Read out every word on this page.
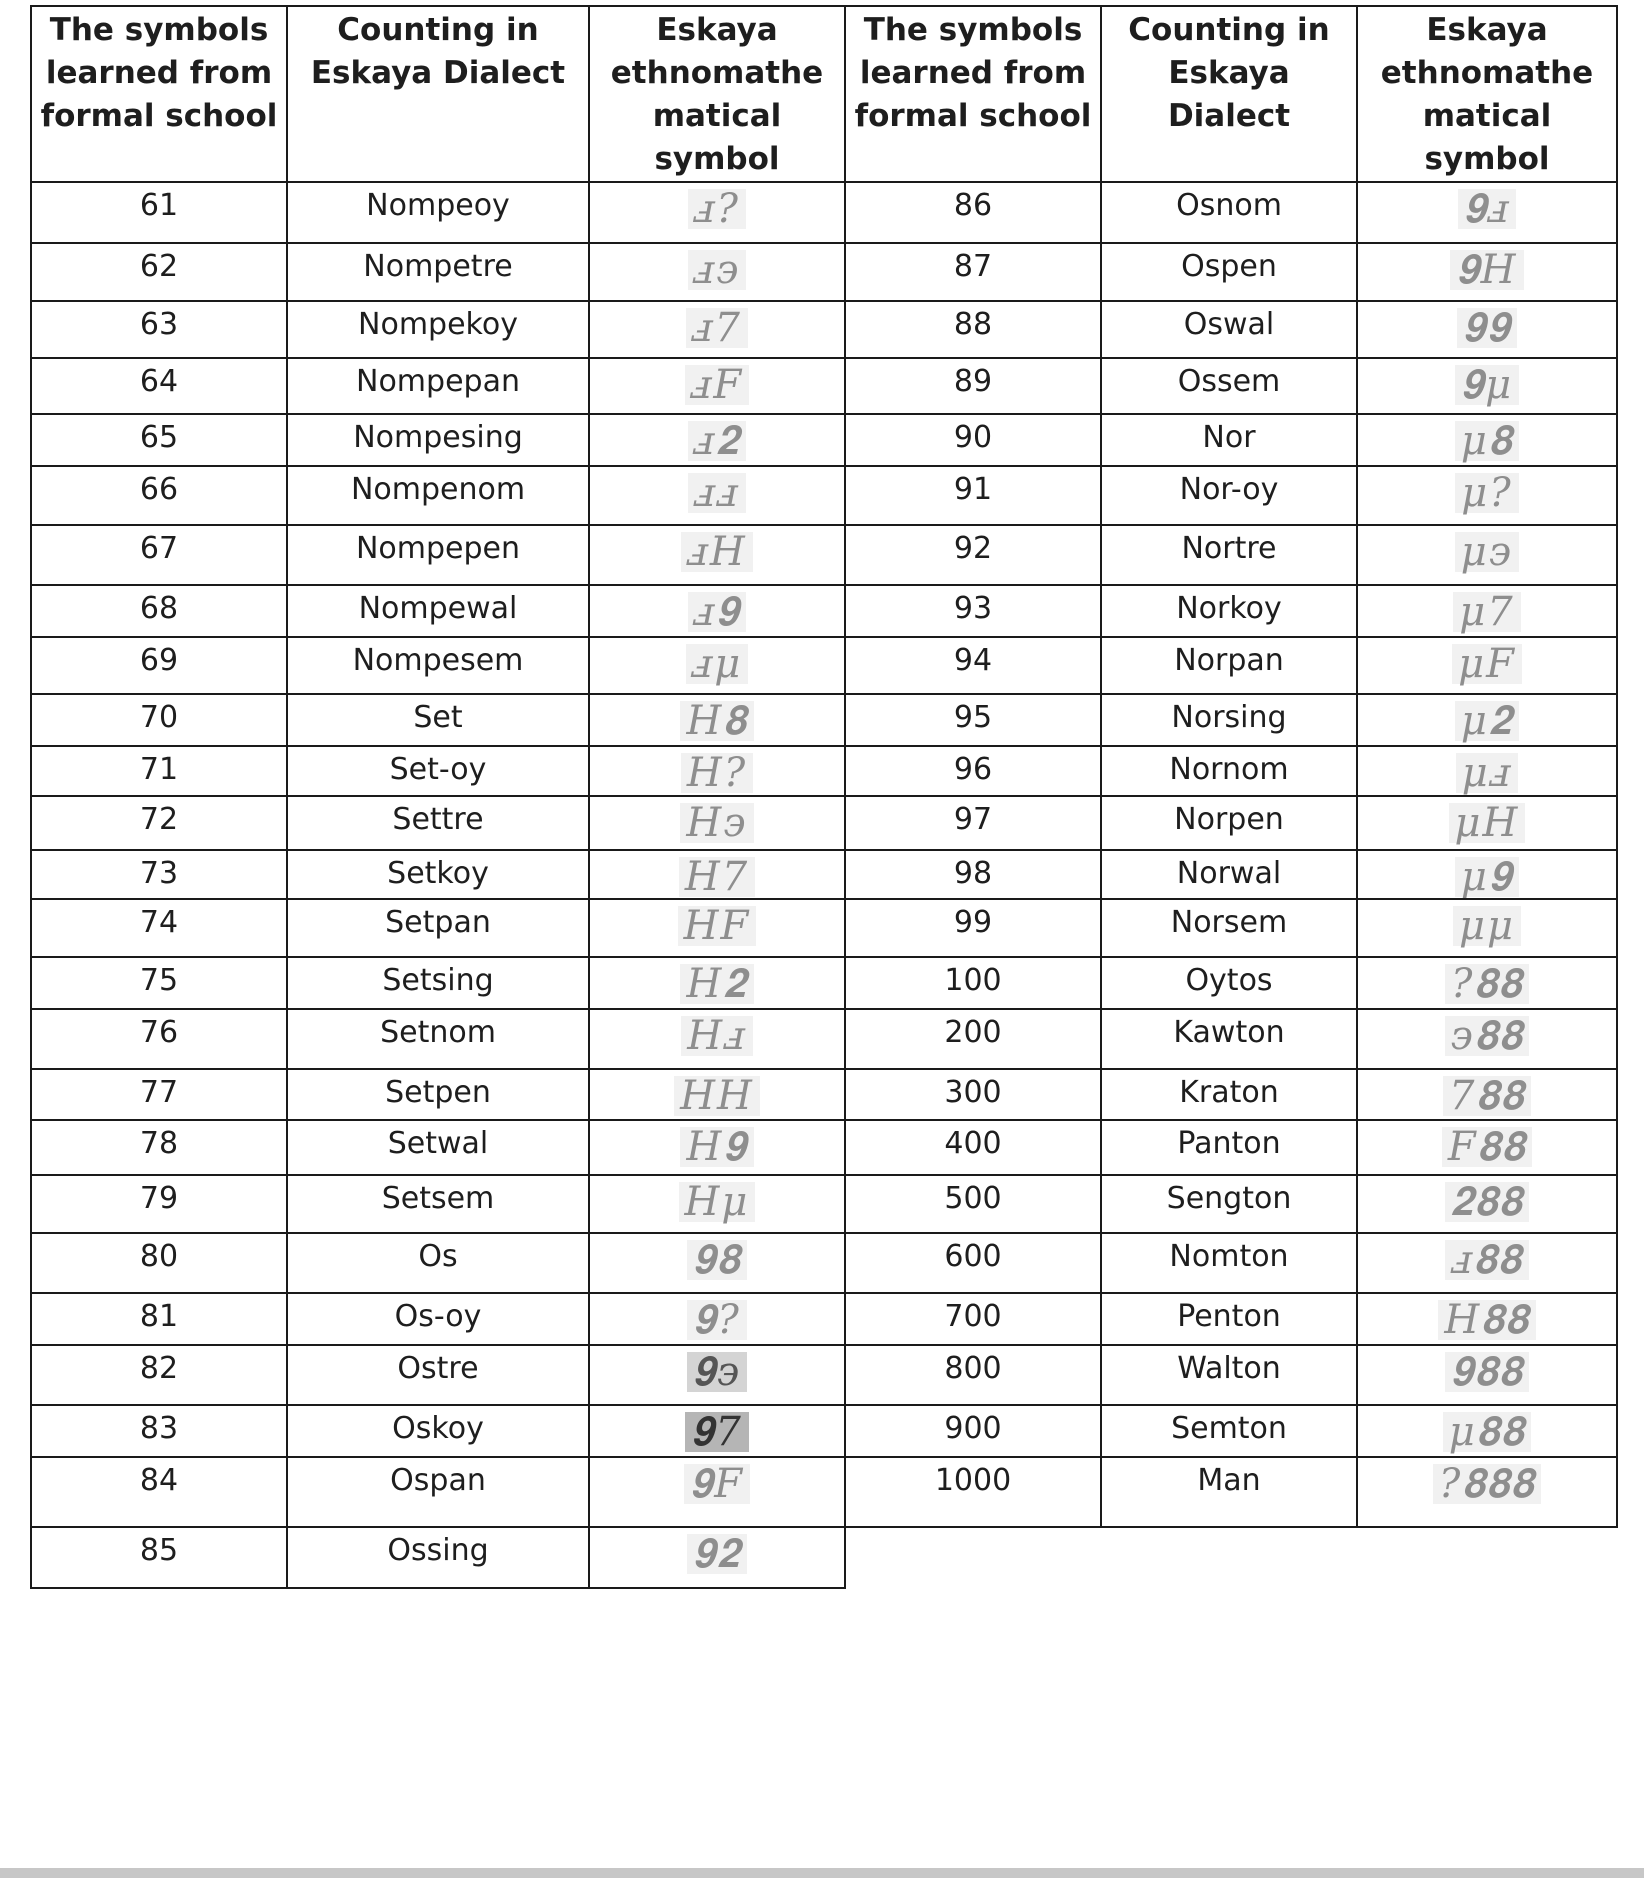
The symbols learned from formal school	Counting in Eskaya Dialect	Eskaya ethnomathe matical symbol	The symbols learned from formal school	Counting in Eskaya Dialect	Eskaya ethnomathe matical symbol
61	Nompeoy	ⅎ?	86	Osnom	𝟗ⅎ
62	Nompetre	ⅎ϶	87	Ospen	𝟗H
63	Nompekoy	ⅎ7	88	Oswal	𝟗𝟗
64	Nompepan	ⅎF	89	Ossem	𝟗μ
65	Nompesing	ⅎ𝟐	90	Nor	μ𝟖
66	Nompenom	ⅎⅎ	91	Nor-oy	μ?
67	Nompepen	ⅎH	92	Nortre	μ϶
68	Nompewal	ⅎ𝟗	93	Norkoy	μ7
69	Nompesem	ⅎμ	94	Norpan	μF
70	Set	H𝟖	95	Norsing	μ𝟐
71	Set-oy	H?	96	Nornom	μⅎ
72	Settre	H϶	97	Norpen	μH
73	Setkoy	H7	98	Norwal	μ𝟗
74	Setpan	HF	99	Norsem	μμ
75	Setsing	H𝟐	100	Oytos	?𝟖𝟖
76	Setnom	Hⅎ	200	Kawton	϶𝟖𝟖
77	Setpen	HH	300	Kraton	7𝟖𝟖
78	Setwal	H𝟗	400	Panton	F𝟖𝟖
79	Setsem	Hμ	500	Sengton	𝟐𝟖𝟖
80	Os	𝟗𝟖	600	Nomton	ⅎ𝟖𝟖
81	Os-oy	𝟗?	700	Penton	H𝟖𝟖
82	Ostre	𝟗϶	800	Walton	𝟗𝟖𝟖
83	Oskoy	𝟗7	900	Semton	μ𝟖𝟖
84	Ospan	𝟗F	1000	Man	?𝟖𝟖𝟖
85	Ossing	𝟗𝟐			
